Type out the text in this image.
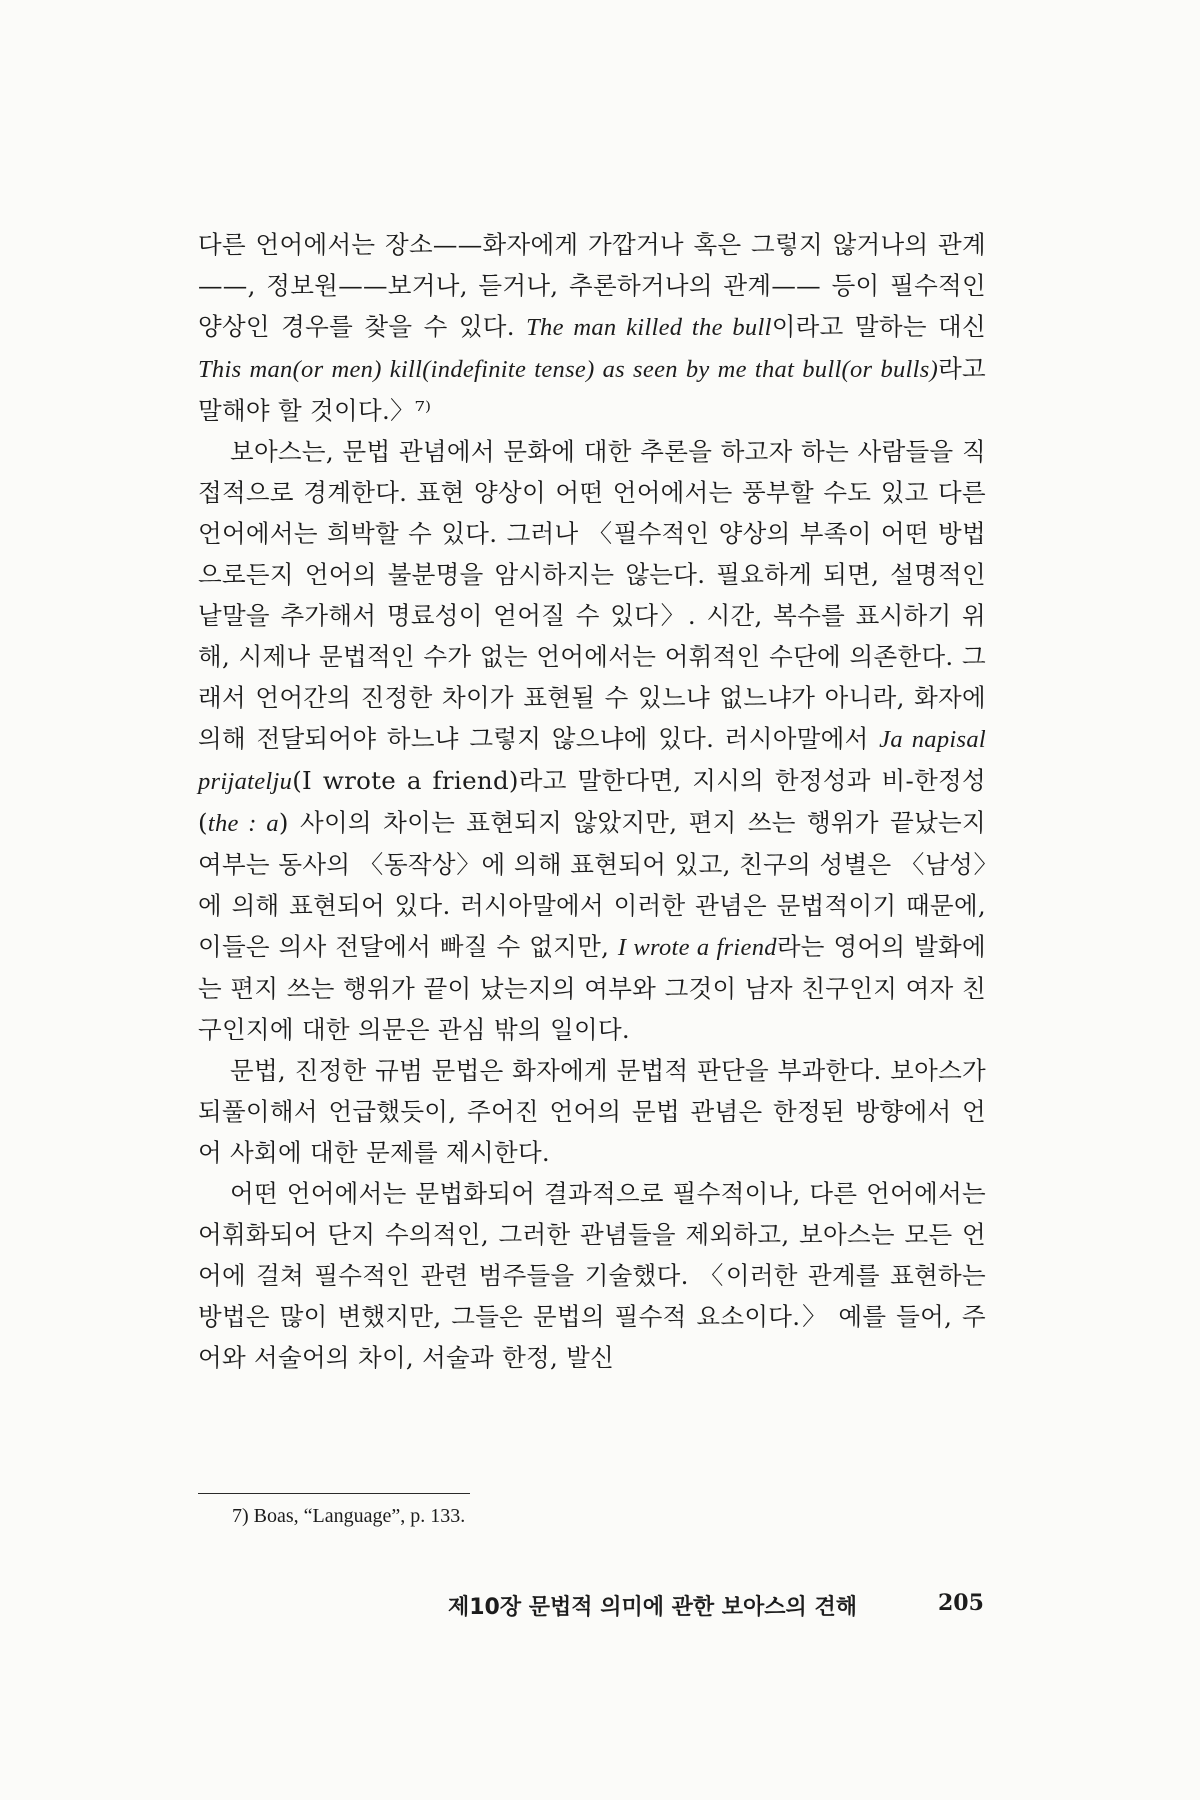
다른 언어에서는 장소——화자에게 가깝거나 혹은 그렇지 않거나의 관계——, 정보원——보거나, 듣거나, 추론하거나의 관계—— 등이 필수적인 양상인 경우를 찾을 수 있다. The man killed the bull이라고 말하는 대신 This man(or men) kill(indefinite tense) as seen by me that bull(or bulls)라고 말해야 할 것이다.〉⁷⁾

보아스는, 문법 관념에서 문화에 대한 추론을 하고자 하는 사람들을 직접적으로 경계한다. 표현 양상이 어떤 언어에서는 풍부할 수도 있고 다른 언어에서는 희박할 수 있다. 그러나 〈필수적인 양상의 부족이 어떤 방법으로든지 언어의 불분명을 암시하지는 않는다. 필요하게 되면, 설명적인 낱말을 추가해서 명료성이 얻어질 수 있다〉. 시간, 복수를 표시하기 위해, 시제나 문법적인 수가 없는 언어에서는 어휘적인 수단에 의존한다. 그래서 언어간의 진정한 차이가 표현될 수 있느냐 없느냐가 아니라, 화자에 의해 전달되어야 하느냐 그렇지 않으냐에 있다. 러시아말에서 Ja napisal prijatelju(I wrote a friend)라고 말한다면, 지시의 한정성과 비-한정성 (the : a) 사이의 차이는 표현되지 않았지만, 편지 쓰는 행위가 끝났는지 여부는 동사의 〈동작상〉에 의해 표현되어 있고, 친구의 성별은 〈남성〉에 의해 표현되어 있다. 러시아말에서 이러한 관념은 문법적이기 때문에, 이들은 의사 전달에서 빠질 수 없지만, I wrote a friend라는 영어의 발화에는 편지 쓰는 행위가 끝이 났는지의 여부와 그것이 남자 친구인지 여자 친구인지에 대한 의문은 관심 밖의 일이다.

문법, 진정한 규범 문법은 화자에게 문법적 판단을 부과한다. 보아스가 되풀이해서 언급했듯이, 주어진 언어의 문법 관념은 한정된 방향에서 언어 사회에 대한 문제를 제시한다.

어떤 언어에서는 문법화되어 결과적으로 필수적이나, 다른 언어에서는 어휘화되어 단지 수의적인, 그러한 관념들을 제외하고, 보아스는 모든 언어에 걸쳐 필수적인 관련 범주들을 기술했다. 〈이러한 관계를 표현하는 방법은 많이 변했지만, 그들은 문법의 필수적 요소이다.〉 예를 들어, 주어와 서술어의 차이, 서술과 한정, 발신

7) Boas, “Language”, p. 133.
제10장 문법적 의미에 관한 보아스의 견해	205
